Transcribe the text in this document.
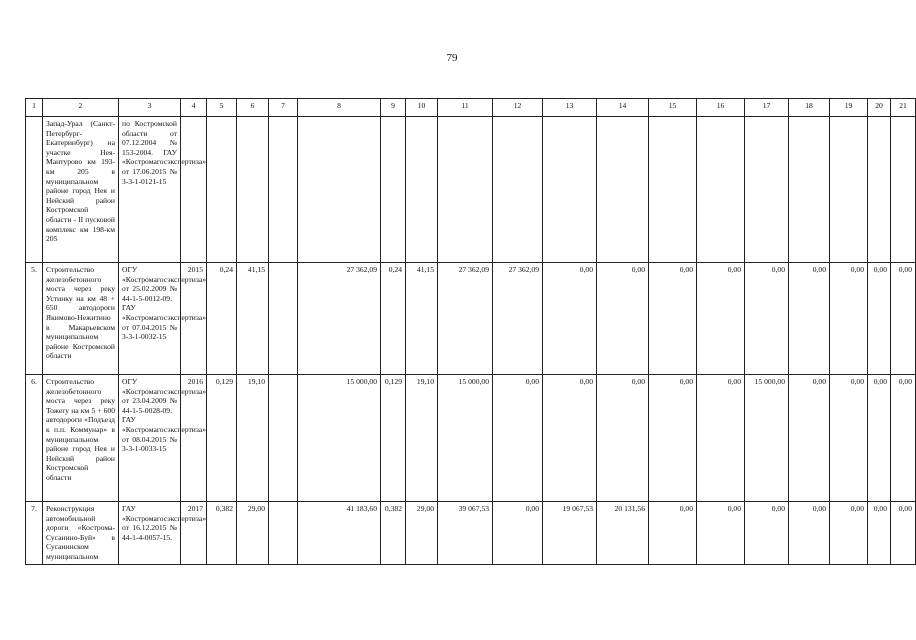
79
1	2	3	4	5	6	7	8	9	10	11	12	13	14	15	16	17	18	19	20	21
	Запад-Урал (Санкт-Петербург-Екатеринбург) на участке Нея-Мантурово км 193-км 205 в муниципальном районе город Нея и Нейский район Костромской области - II пусковой комплекс км 198-км 205	по Костромской области от 07.12.2004 № 153-2004. ГАУ «Костромагосэкспертиза» от 17.06.2015 № 3-3-1-0121-15																		
5.	Строительство железобетонного моста через реку Устинку на км 48 + 650 автодороги Якимово-Нежитино в Макарьевском муниципальном районе Костромской области	ОГУ «Костромагосэкспертиза» от 25.02.2009 № 44-1-5-0012-09. ГАУ «Костромагосэкспертиза» от 07.04.2015 № 3-3-1-0032-15	2015	0,24	41,15		27 362,09	0,24	41,15	27 362,09	27 362,09	0,00	0,00	0,00	0,00	0,00	0,00	0,00	0,00	0,00
6.	Строительство железобетонного моста через реку Тожегу на км 5 + 600 автодороги «Подъезд к п.п. Коммунар» в муниципальном районе город Нея и Нейский район Костромской области	ОГУ «Костромагосэкспертиза» от 23.04.2009 № 44-1-5-0028-09. ГАУ «Костромагосэкспертиза» от 08.04.2015 № 3-3-1-0033-15	2016	0,129	19,10		15 000,00	0,129	19,10	15 000,00	0,00	0,00	0,00	0,00	0,00	15 000,00	0,00	0,00	0,00	0,00
7.	Реконструкция автомобильной дороги «Кострома-Сусанино-Буй» в Сусанинском муниципальном	ГАУ «Костромагосэкспертиза» от 16.12.2015 № 44-1-4-0057-15.	2017	0,382	29,00		41 183,60	0,382	29,00	39 067,53	0,00	19 067,53	20 131,56	0,00	0,00	0,00	0,00	0,00	0,00	0,00
